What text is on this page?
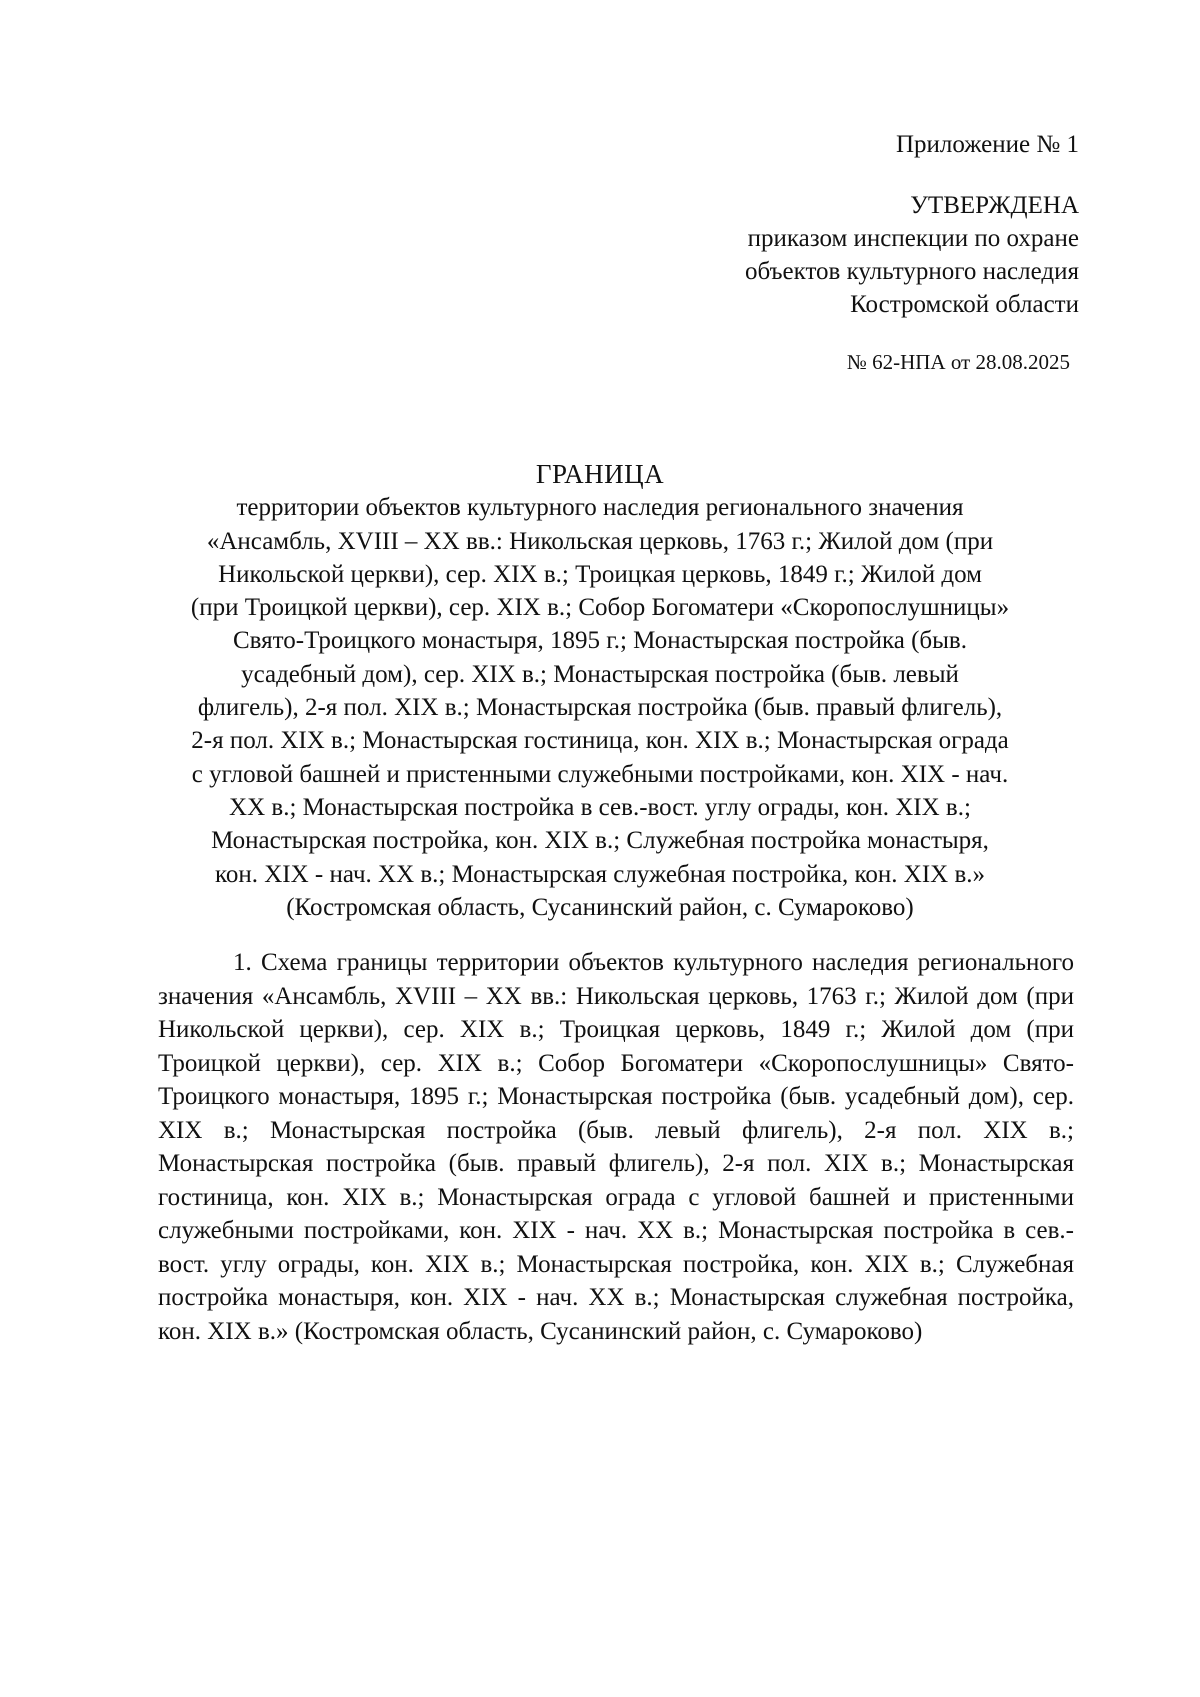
Приложение № 1
УТВЕРЖДЕНА
приказом инспекции по охране
объектов культурного наследия
Костромской области
№ 62-НПА от 28.08.2025
ГРАНИЦА
территории объектов культурного наследия регионального значения
«Ансамбль, XVIII – XX вв.: Никольская церковь, 1763 г.; Жилой дом (при
Никольской церкви), сер. XIX в.; Троицкая церковь, 1849 г.; Жилой дом
(при Троицкой церкви), сер. XIX в.; Собор Богоматери «Скоропослушницы»
Свято-Троицкого монастыря, 1895 г.; Монастырская постройка (быв.
усадебный дом), сер. XIX в.; Монастырская постройка (быв. левый
флигель), 2-я пол. XIX в.; Монастырская постройка (быв. правый флигель),
2-я пол. XIX в.; Монастырская гостиница, кон. XIX в.; Монастырская ограда
с угловой башней и пристенными служебными постройками, кон. XIX - нач.
XX в.; Монастырская постройка в сев.-вост. углу ограды, кон. XIX в.;
Монастырская постройка, кон. XIX в.; Служебная постройка монастыря,
кон. XIX - нач. XX в.; Монастырская служебная постройка, кон. XIX в.»
(Костромская область, Сусанинский район, с. Сумароково)

1. Схема границы территории объектов культурного наследия регионального значения «Ансамбль, XVIII – XX вв.: Никольская церковь, 1763 г.; Жилой дом (при Никольской церкви), сер. XIX в.; Троицкая церковь, 1849 г.; Жилой дом (при Троицкой церкви), сер. XIX в.; Собор Богоматери «Скоропослушницы» Свято-Троицкого монастыря, 1895 г.; Монастырская постройка (быв. усадебный дом), сер. XIX в.; Монастырская постройка (быв. левый флигель), 2-я пол. XIX в.; Монастырская постройка (быв. правый флигель), 2-я пол. XIX в.; Монастырская гостиница, кон. XIX в.; Монастырская ограда с угловой башней и пристенными служебными постройками, кон. XIX - нач. XX в.; Монастырская постройка в сев.-вост. углу ограды, кон. XIX в.; Монастырская постройка, кон. XIX в.; Служебная постройка монастыря, кон. XIX - нач. XX в.; Монастырская служебная постройка, кон. XIX в.» (Костромская область, Сусанинский район, с. Сумароково)
